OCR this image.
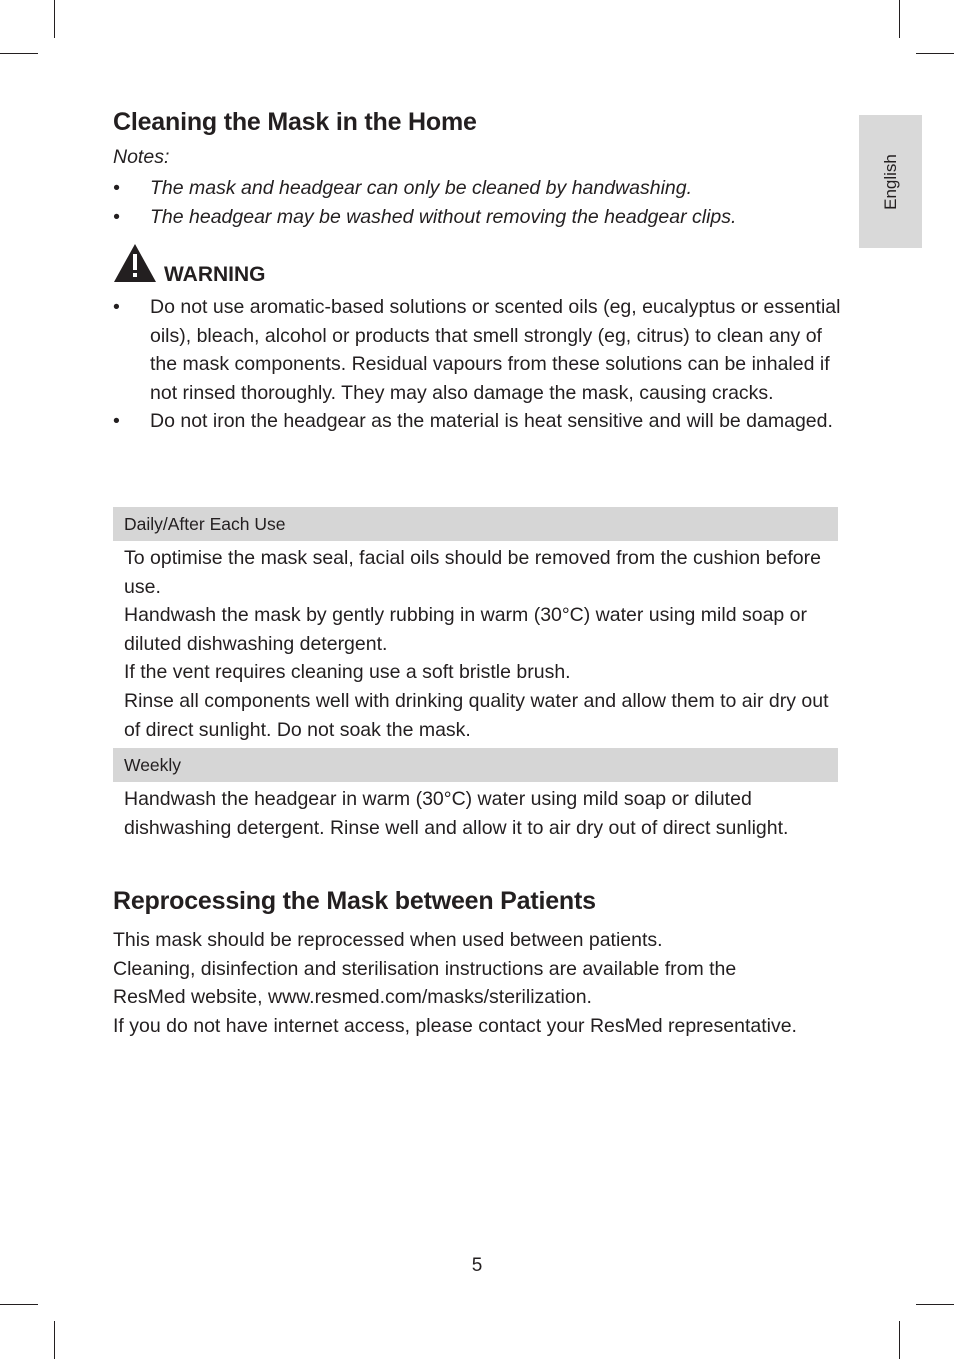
English
Cleaning the Mask in the Home
Notes:
• The mask and headgear can only be cleaned by handwashing.
• The headgear may be washed without removing the headgear clips.
WARNING
• Do not use aromatic-based solutions or scented oils (eg, eucalyptus or essential oils), bleach, alcohol or products that smell strongly (eg, citrus) to clean any of the mask components. Residual vapours from these solutions can be inhaled if not rinsed thoroughly. They may also damage the mask, causing cracks.
• Do not iron the headgear as the material is heat sensitive and will be damaged.
Daily/After Each Use

To optimise the mask seal, facial oils should be removed from the cushion before use.

Handwash the mask by gently rubbing in warm (30°C) water using mild soap or diluted dishwashing detergent.

If the vent requires cleaning use a soft bristle brush.

Rinse all components well with drinking quality water and allow them to air dry out of direct sunlight. Do not soak the mask.

Weekly

Handwash the headgear in warm (30°C) water using mild soap or diluted dishwashing detergent. Rinse well and allow it to air dry out of direct sunlight.

Reprocessing the Mask between Patients

This mask should be reprocessed when used between patients.

Cleaning, disinfection and sterilisation instructions are available from the ResMed website, www.resmed.com/masks/sterilization.

If you do not have internet access, please contact your ResMed representative.

5
